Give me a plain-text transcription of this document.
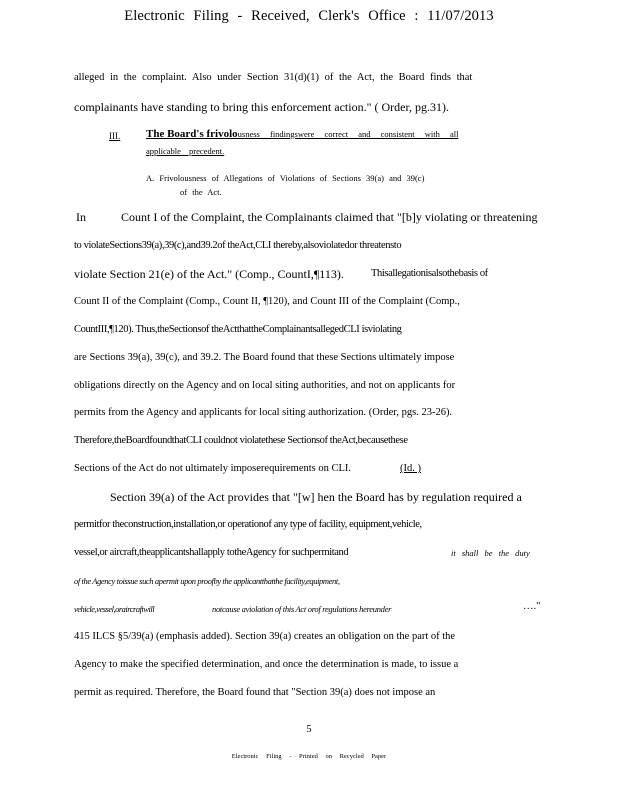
Electronic Filing - Received, Clerk's Office : 11/07/2013
alleged in the complaint. Also under Section 31(d)(1) of the Act, the Board finds that
complainants have standing to bring this enforcement action." ( Order, pg.31).
III. The Board's frivolousness findingswere correct and consistent with all
applicable precedent.
A. Frivolousness of Allegations of Violations of Sections 39(a) and 39(c)
of the Act.
In	Count I of the Complaint, the Complainants claimed that "[b]y violating or threatening
to violateSections39(a),39(c),and39.2of theAct,CLI thereby,alsoviolatedor threatensto
violate Section 21(e) of the Act." (Comp., CountI,¶113).	Thisallegationisalsothebasis of
Count II of the Complaint (Comp., Count II, ¶120), and Count III of the Complaint (Comp.,
CountIII,¶120). Thus,theSectionsof theActthattheComplainantsallegedCLI isviolating
are Sections 39(a), 39(c), and 39.2. The Board found that these Sections ultimately impose
obligations directly on the Agency and on local siting authorities, and not on applicants for
permits from the Agency and applicants for local siting authorization. (Order, pgs. 23-26).
Therefore,theBoardfoundthatCLI couldnot violatethese Sectionsof theAct,becausethese
Sections of the Act do not ultimately imposerequirements on CLI.	(Id. )
Section 39(a) of the Act provides that "[w] hen the Board has by regulation required a
permitfor theconstruction,installation,or operationof any type of facility, equipment,vehicle,
vessel,or aircraft,theapplicantshallapply totheAgency for suchpermitand	it shall be the duty
of the Agency toissue such apermit upon proofby the applicantthatthe facility,equipment,
vehicle,vessel,oraircraftwill	notcause aviolation of this Act orof regulations hereunder	…."
415 ILCS §5/39(a) (emphasis added). Section 39(a) creates an obligation on the part of the
Agency to make the specified determination, and once the determination is made, to issue a
permit as required. Therefore, the Board found that "Section 39(a) does not impose an
5
Electronic Filing - Printed on Recycled Paper
